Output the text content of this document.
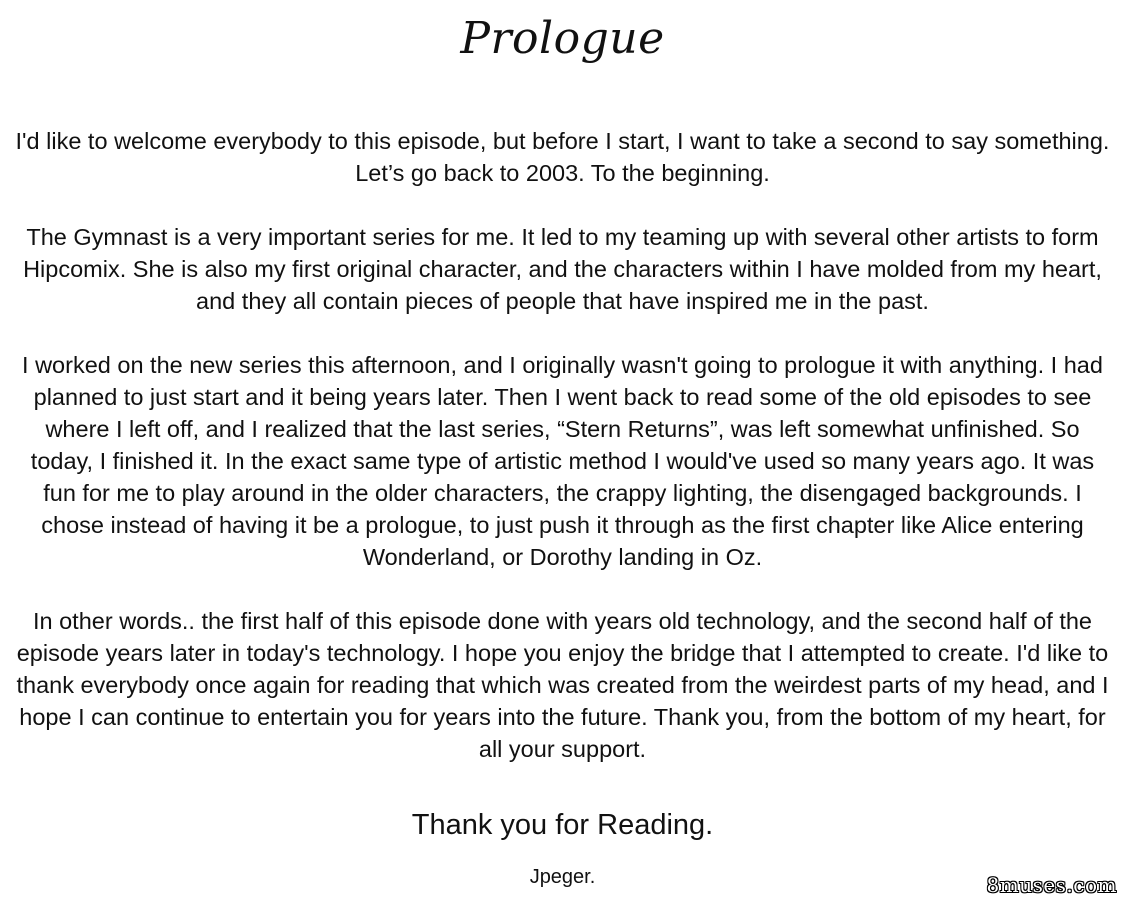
Prologue

I'd like to welcome everybody to this episode, but before I start, I want to take a second to say something. Let’s go back to 2003. To the beginning.

The Gymnast is a very important series for me. It led to my teaming up with several other artists to form Hipcomix. She is also my first original character, and the characters within I have molded from my heart, and they all contain pieces of people that have inspired me in the past.

I worked on the new series this afternoon, and I originally wasn't going to prologue it with anything. I had planned to just start and it being years later. Then I went back to read some of the old episodes to see where I left off, and I realized that the last series, “Stern Returns”, was left somewhat unfinished. So today, I finished it. In the exact same type of artistic method I would've used so many years ago. It was fun for me to play around in the older characters, the crappy lighting, the disengaged backgrounds. I chose instead of having it be a prologue, to just push it through as the first chapter like Alice entering Wonderland, or Dorothy landing in Oz.

In other words.. the first half of this episode done with years old technology, and the second half of the episode years later in today's technology. I hope you enjoy the bridge that I attempted to create. I'd like to thank everybody once again for reading that which was created from the weirdest parts of my head, and I hope I can continue to entertain you for years into the future. Thank you, from the bottom of my heart, for all your support.

Thank you for Reading.

Jpeger.	8muses.com
